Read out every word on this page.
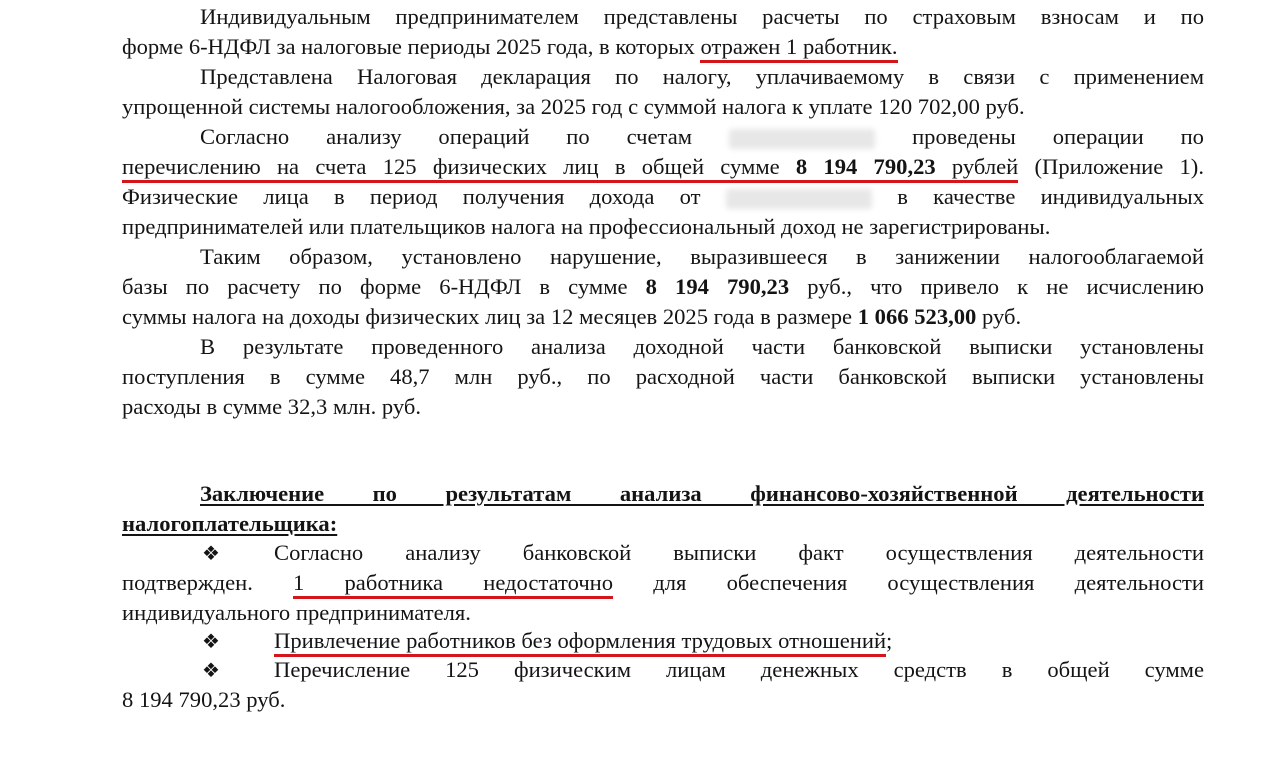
Индивидуальным предпринимателем представлены расчеты по страховым взносам и по
форме 6-НДФЛ за налоговые периоды 2025 года, в которых отражен 1 работник.
Представлена Налоговая декларация по налогу, уплачиваемому в связи с применением
упрощенной системы налогообложения, за 2025 год с суммой налога к уплате 120 702,00 руб.
Согласно анализу операций по счетам	проведены операции по
перечислению на счета 125 физических лиц в общей сумме 8 194 790,23 рублей (Приложение 1).
Физические лица в период получения дохода от	в качестве индивидуальных
предпринимателей или плательщиков налога на профессиональный доход не зарегистрированы.
Таким образом, установлено нарушение, выразившееся в занижении налогооблагаемой
базы по расчету по форме 6-НДФЛ в сумме 8 194 790,23 руб., что привело к не исчислению
суммы налога на доходы физических лиц за 12 месяцев 2025 года в размере 1 066 523,00 руб.
В результате проведенного анализа доходной части банковской выписки установлены
поступления в сумме 48,7 млн руб., по расходной части банковской выписки установлены
расходы в сумме 32,3 млн. руб.
Заключение по результатам анализа финансово-хозяйственной деятельности
налогоплательщика:
❖ Согласно анализу банковской выписки факт осуществления деятельности
подтвержден. 1 работника недостаточно для обеспечения осуществления деятельности
индивидуального предпринимателя.
❖ Привлечение работников без оформления трудовых отношений;
❖ Перечисление 125 физическим лицам денежных средств в общей сумме
8 194 790,23 руб.
